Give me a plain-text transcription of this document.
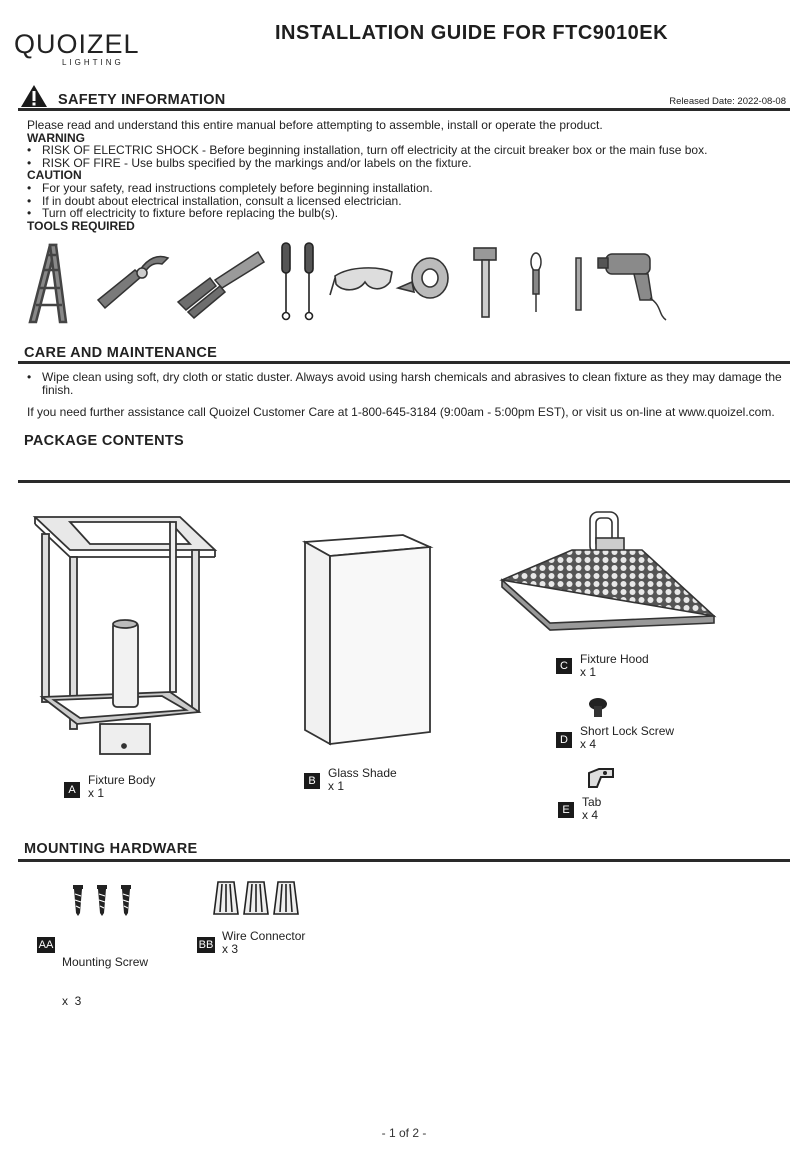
QUOIZEL
LIGHTING
INSTALLATION GUIDE FOR FTC9010EK
SAFETY INFORMATION	Released Date: 2022-08-08
Please read and understand this entire manual before attempting to assemble, install or operate the product.
WARNING
• RISK OF ELECTRIC SHOCK - Before beginning installation, turn off electricity at the circuit breaker box or the main fuse box.
• RISK OF FIRE - Use bulbs specified by the markings and/or labels on the fixture.
CAUTION
• For your safety, read instructions completely before beginning installation.
• If in doubt about electrical installation, consult a licensed electrician.
• Turn off electricity to fixture before replacing the bulb(s).
TOOLS REQUIRED
CARE AND MAINTENANCE
• Wipe clean using soft, dry cloth or static duster. Always avoid using harsh chemicals and abrasives to clean fixture as they may damage the finish.
If you need further assistance call Quoizel Customer Care at 1-800-645-3184 (9:00am - 5:00pm EST), or visit us on-line at www.quoizel.com.
PACKAGE CONTENTS
A
Fixture Body
x 1
B
Glass Shade
x 1
C	Fixture Hood
x 1
D
Short Lock Screw
x 4
E
Tab
x 4
MOUNTING HARDWARE
AA

Mounting Screw

x  3

BB
Wire Connector
x 3
- 1 of 2 -
